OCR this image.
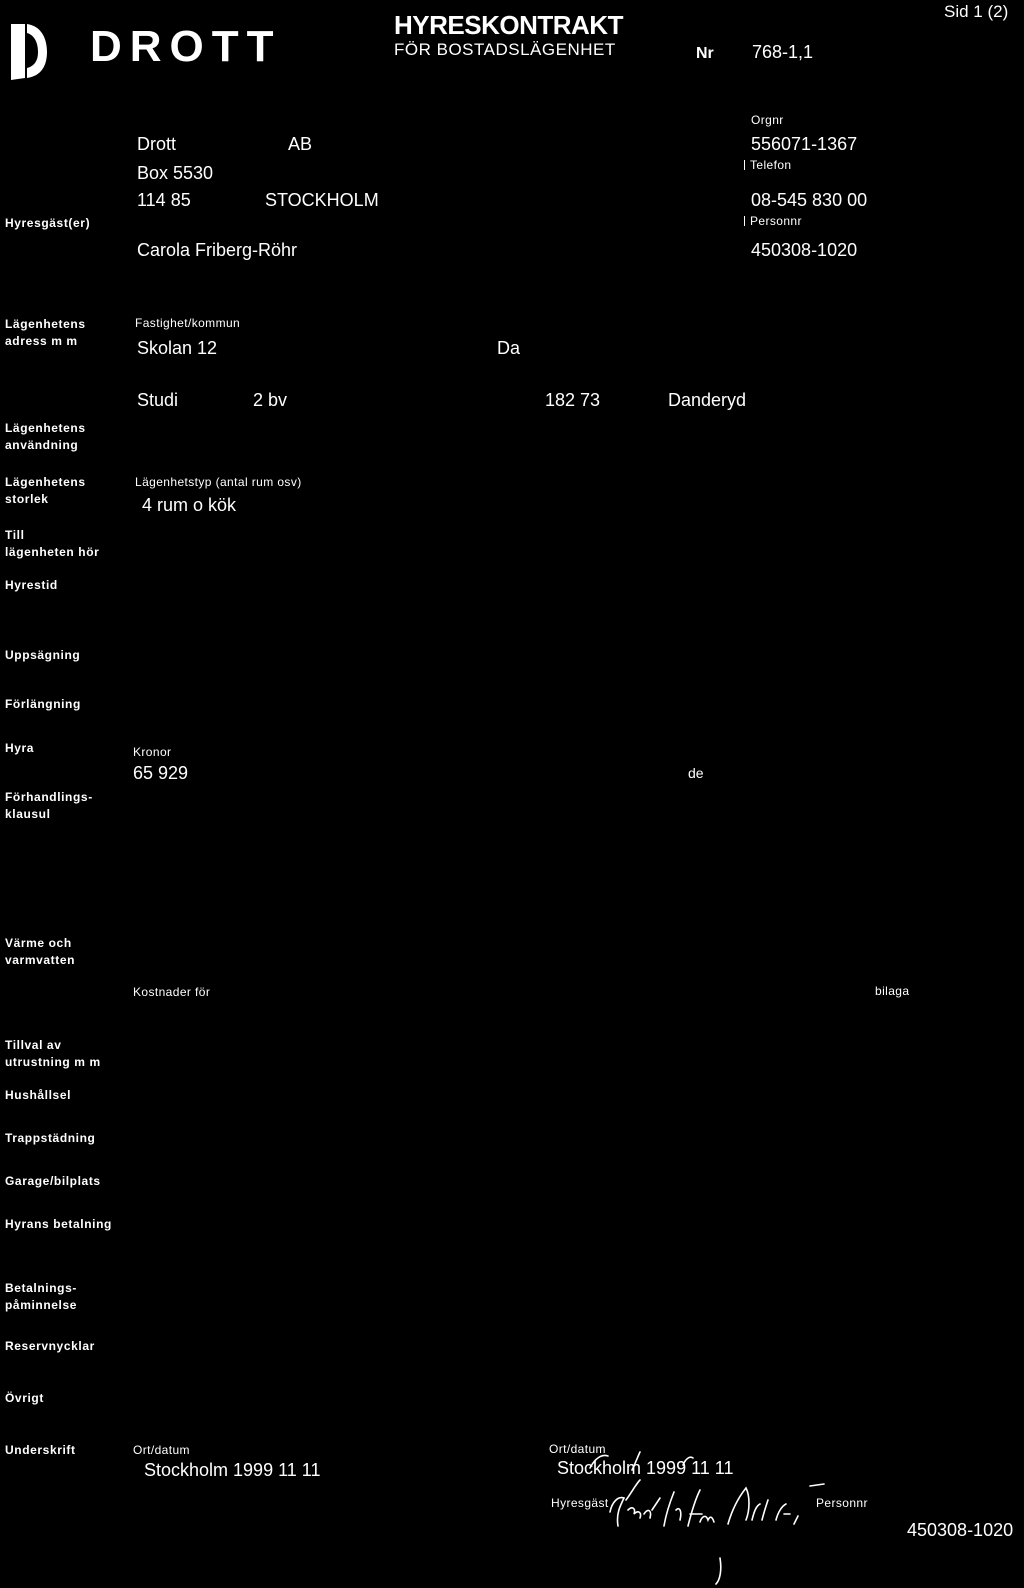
DROTT	HYRESKONTRAKT
FÖR BOSTADSLÄGENHET	Nr 768-1,1
Sid 1 (2)
Drott	AB
Box 5530
114 85	STOCKHOLM
Orgnr
556071-1367
Telefon
08-545 830 00
Hyresgäst(er)	Personnr
Carola Friberg-Röhr	450308-1020
Lägenhetens
adress m m
Fastighet/kommun
Skolan 12	Da
Studi	2 bv	182 73	Danderyd
Lägenhetens
användning
Lägenhetens
storlek
Lägenhetstyp (antal rum osv)
4 rum o kök
Till
lägenheten hör
Hyrestid
Uppsägning
Förlängning
Hyra	Kronor
65 929	de
Förhandlings-
klausul
Värme och
varmvatten
Kostnader för	bilaga
Tillval av
utrustning m m
Hushållsel
Trappstädning
Garage/bilplats
Hyrans betalning
Betalnings-
påminnelse
Reservnycklar
Övrigt
Underskrift	Ort/datum
Stockholm 1999 11 11
Ort/datum
Stockholm 1999 11 11
Hyresgäst	Personnr
450308-1020
